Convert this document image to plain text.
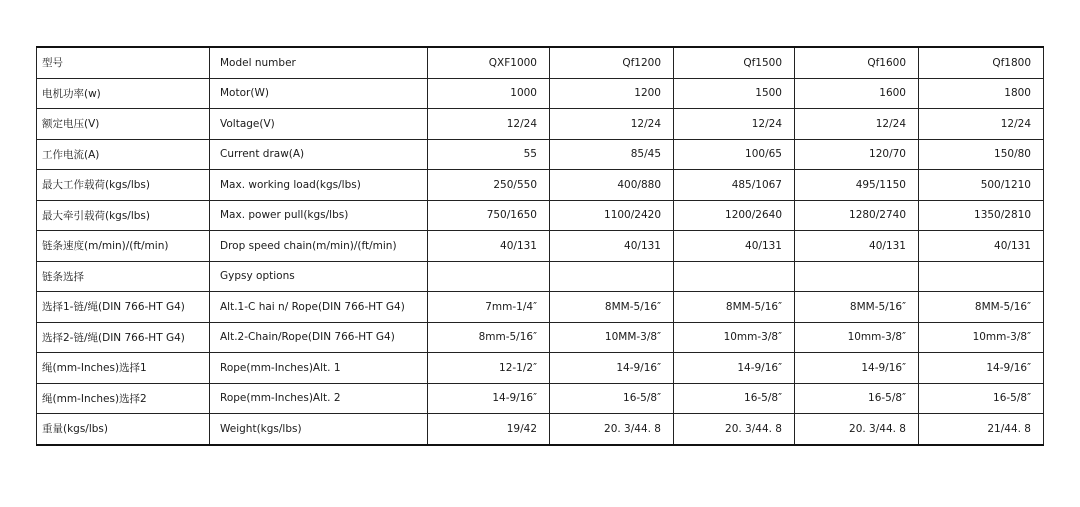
型号	Model number	QXF1000	Qf1200	Qf1500	Qf1600	Qf1800
电机功率(w)	Motor(W)	1000	1200	1500	1600	1800
额定电压(V)	Voltage(V)	12/24	12/24	12/24	12/24	12/24
工作电流(A)	Current draw(A)	55	85/45	100/65	120/70	150/80
最大工作载荷(kgs/lbs)	Max. working load(kgs/lbs)	250/550	400/880	485/1067	495/1150	500/1210
最大牵引载荷(kgs/lbs)	Max. power pull(kgs/lbs)	750/1650	1100/2420	1200/2640	1280/2740	1350/2810
链条速度(m/min)/(ft/min)	Drop speed chain(m/min)/(ft/min)	40/131	40/131	40/131	40/131	40/131
链条选择	Gypsy options					
选择1-链/绳(DIN 766-HT G4)	Alt.1-C hai n/ Rope(DIN 766-HT G4)	7mm-1/4″	8MM-5/16″	8MM-5/16″	8MM-5/16″	8MM-5/16″
选择2-链/绳(DIN 766-HT G4)	Alt.2-Chain/Rope(DIN 766-HT G4)	8mm-5/16″	10MM-3/8″	10mm-3/8″	10mm-3/8″	10mm-3/8″
绳(mm-Inches)选择1	Rope(mm-Inches)Alt. 1	12-1/2″	14-9/16″	14-9/16″	14-9/16″	14-9/16″
绳(mm-Inches)选择2	Rope(mm-Inches)Alt. 2	14-9/16″	16-5/8″	16-5/8″	16-5/8″	16-5/8″
重量(kgs/lbs)	Weight(kgs/lbs)	19/42	20. 3/44. 8	20. 3/44. 8	20. 3/44. 8	21/44. 8
